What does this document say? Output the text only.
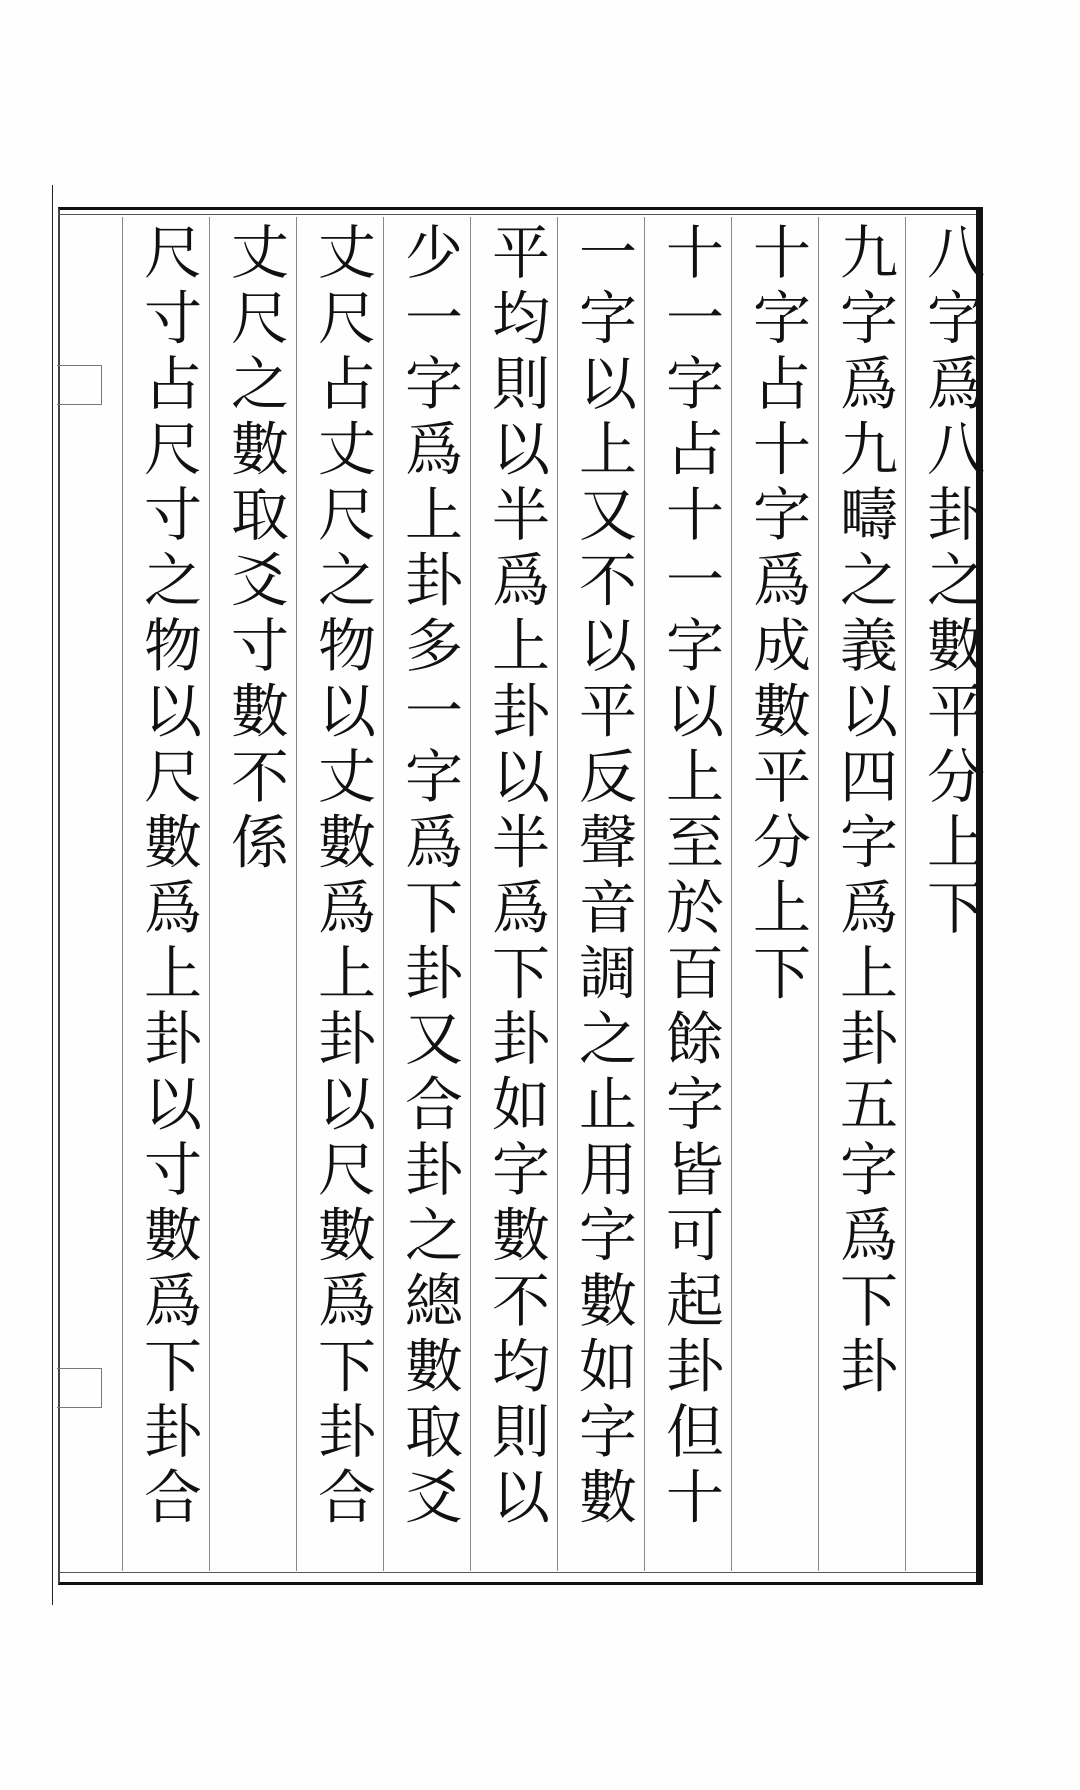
八字爲八卦之數平分上下
九字爲九疇之義以四字爲上卦五字爲下卦
十字占十字爲成數平分上下
十一字占十一字以上至於百餘字皆可起卦但十
一字以上又不以平反聲音調之止用字數如字數
平均則以半爲上卦以半爲下卦如字數不均則以
少一字爲上卦多一字爲下卦又合卦之總數取爻
丈尺占丈尺之物以丈數爲上卦以尺數爲下卦合
丈尺之數取爻寸數不係
尺寸占尺寸之物以尺數爲上卦以寸數爲下卦合
